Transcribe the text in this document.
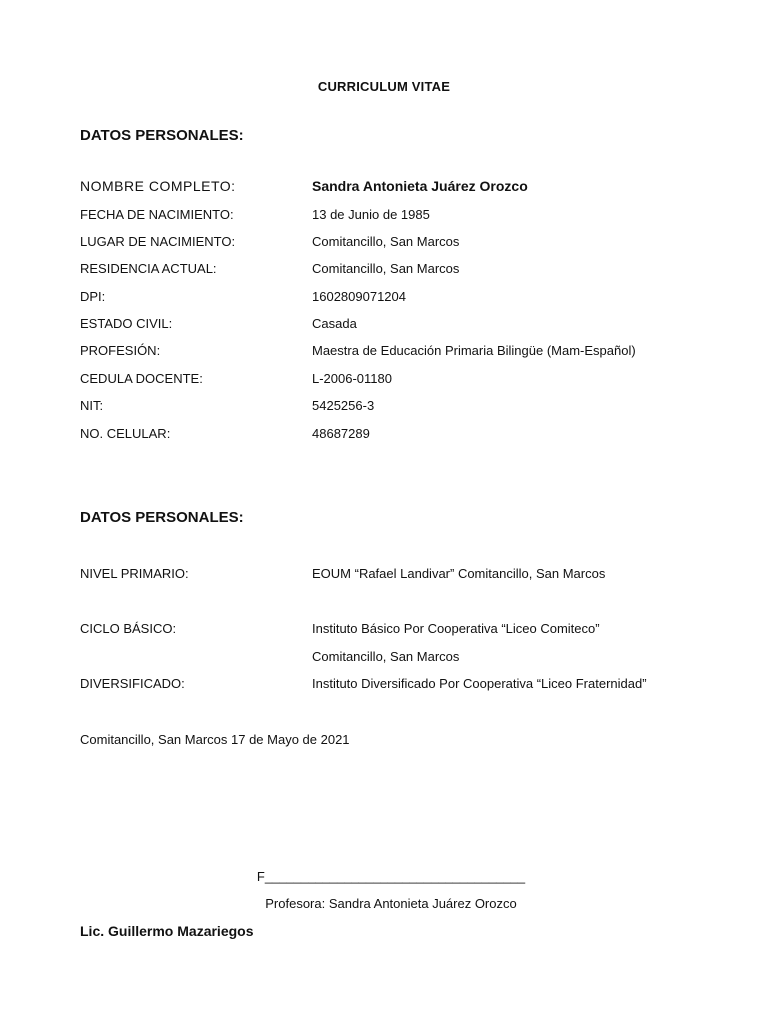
CURRICULUM VITAE
DATOS PERSONALES:
NOMBRE COMPLETO:	Sandra Antonieta Juárez Orozco
FECHA DE NACIMIENTO:	13 de Junio de 1985
LUGAR DE NACIMIENTO:	Comitancillo, San Marcos
RESIDENCIA ACTUAL:	Comitancillo, San Marcos
DPI:	1602809071204
ESTADO CIVIL:	Casada
PROFESIÓN:	Maestra de Educación Primaria Bilingüe (Mam-Español)
CEDULA DOCENTE:	L-2006-01180
NIT:	5425256-3
NO. CELULAR:	48687289
DATOS PERSONALES:
NIVEL PRIMARIO:	EOUM “Rafael Landivar” Comitancillo, San Marcos
CICLO BÁSICO:	Instituto Básico Por Cooperativa “Liceo Comiteco”
Comitancillo, San Marcos
DIVERSIFICADO:	Instituto Diversificado Por Cooperativa “Liceo Fraternidad”
Comitancillo, San Marcos 17 de Mayo de 2021
F____________________________________
Profesora: Sandra Antonieta Juárez Orozco
Lic. Guillermo Mazariegos
